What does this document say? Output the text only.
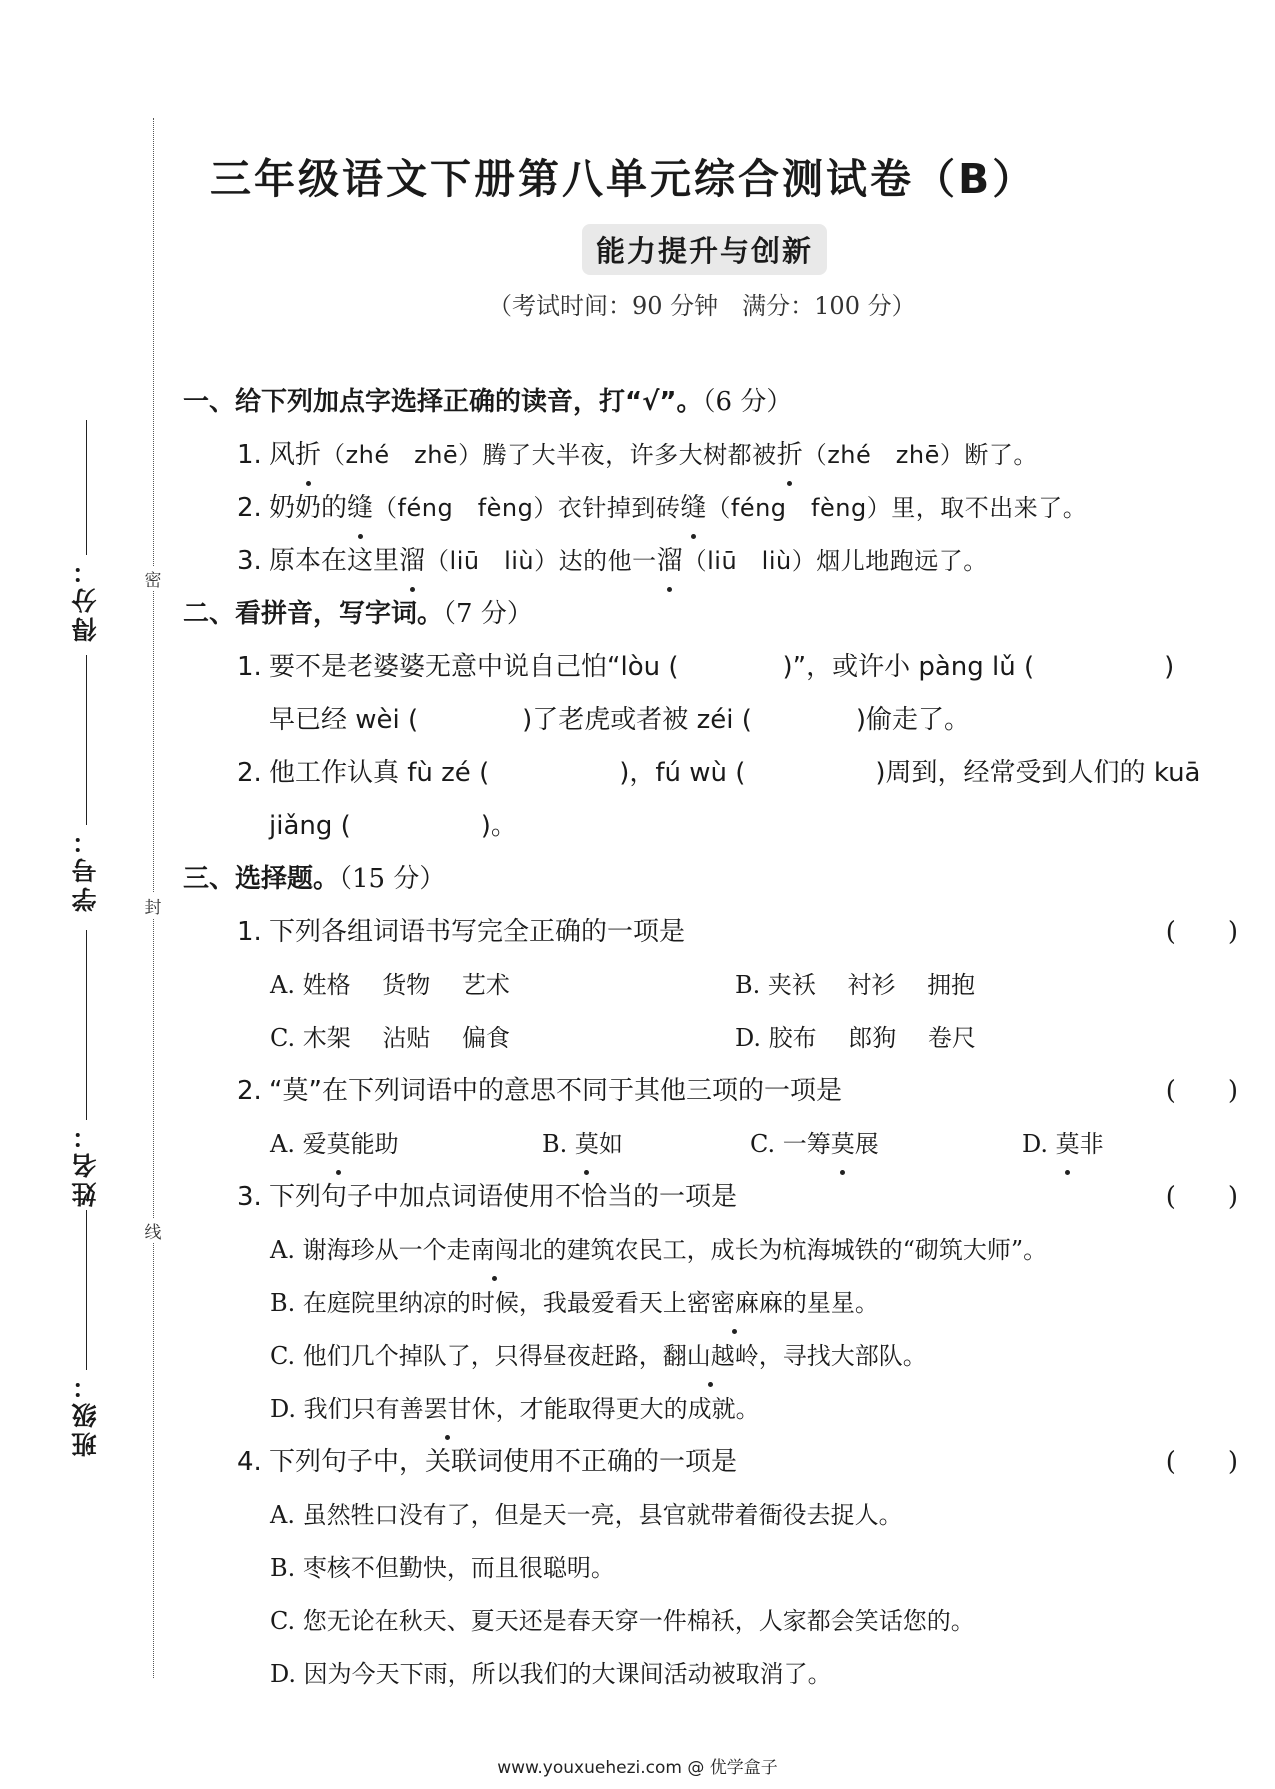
密
封
线
得分：
学号：
姓名：
班级：
三年级语文下册第八单元综合测试卷（B）
能力提升与创新
（考试时间：90 分钟　满分：100 分）
一、给下列加点字选择正确的读音，打“√”。（6 分）
1. 风折（zhé　zhē）腾了大半夜，许多大树都被折（zhé　zhē）断了。
2. 奶奶的缝（féng　fèng）衣针掉到砖缝（féng　fèng）里，取不出来了。
3. 原本在这里溜（liū　liù）达的他一溜（liū　liù）烟儿地跑远了。
二、看拼音，写字词。（7 分）
1. 要不是老婆婆无意中说自己怕“lòu (　　　　)”，或许小 pàng lǔ (　　　　　)
早已经 wèi (　　　　)了老虎或者被 zéi (　　　　)偷走了。
2. 他工作认真 fù zé (　　　　　)，fú wù (　　　　　)周到，经常受到人们的 kuā
jiǎng (　　　　　)。
三、选择题。（15 分）
1. 下列各组词语书写完全正确的一项是
(  )
A. 姓格　 货物　 艺术	B. 夹袄　 衬衫　 拥抱
C. 木架　 沾贴　 偏食	D. 胶布　 郎狗　 卷尺
2. “莫”在下列词语中的意思不同于其他三项的一项是
(  )
A. 爱莫能助	B. 莫如	C. 一筹莫展	D. 莫非
3. 下列句子中加点词语使用不恰当的一项是
(  )
A. 谢海珍从一个走南闯北的建筑农民工，成长为杭海城铁的“砌筑大师”。
B. 在庭院里纳凉的时候，我最爱看天上密密麻麻的星星。
C. 他们几个掉队了，只得昼夜赶路，翻山越岭，寻找大部队。
D. 我们只有善罢甘休，才能取得更大的成就。
4. 下列句子中，关联词使用不正确的一项是
(  )
A. 虽然牲口没有了，但是天一亮，县官就带着衙役去捉人。
B. 枣核不但勤快，而且很聪明。
C. 您无论在秋天、夏天还是春天穿一件棉袄，人家都会笑话您的。
D. 因为今天下雨，所以我们的大课间活动被取消了。
www.youxuehezi.com @ 优学盒子
